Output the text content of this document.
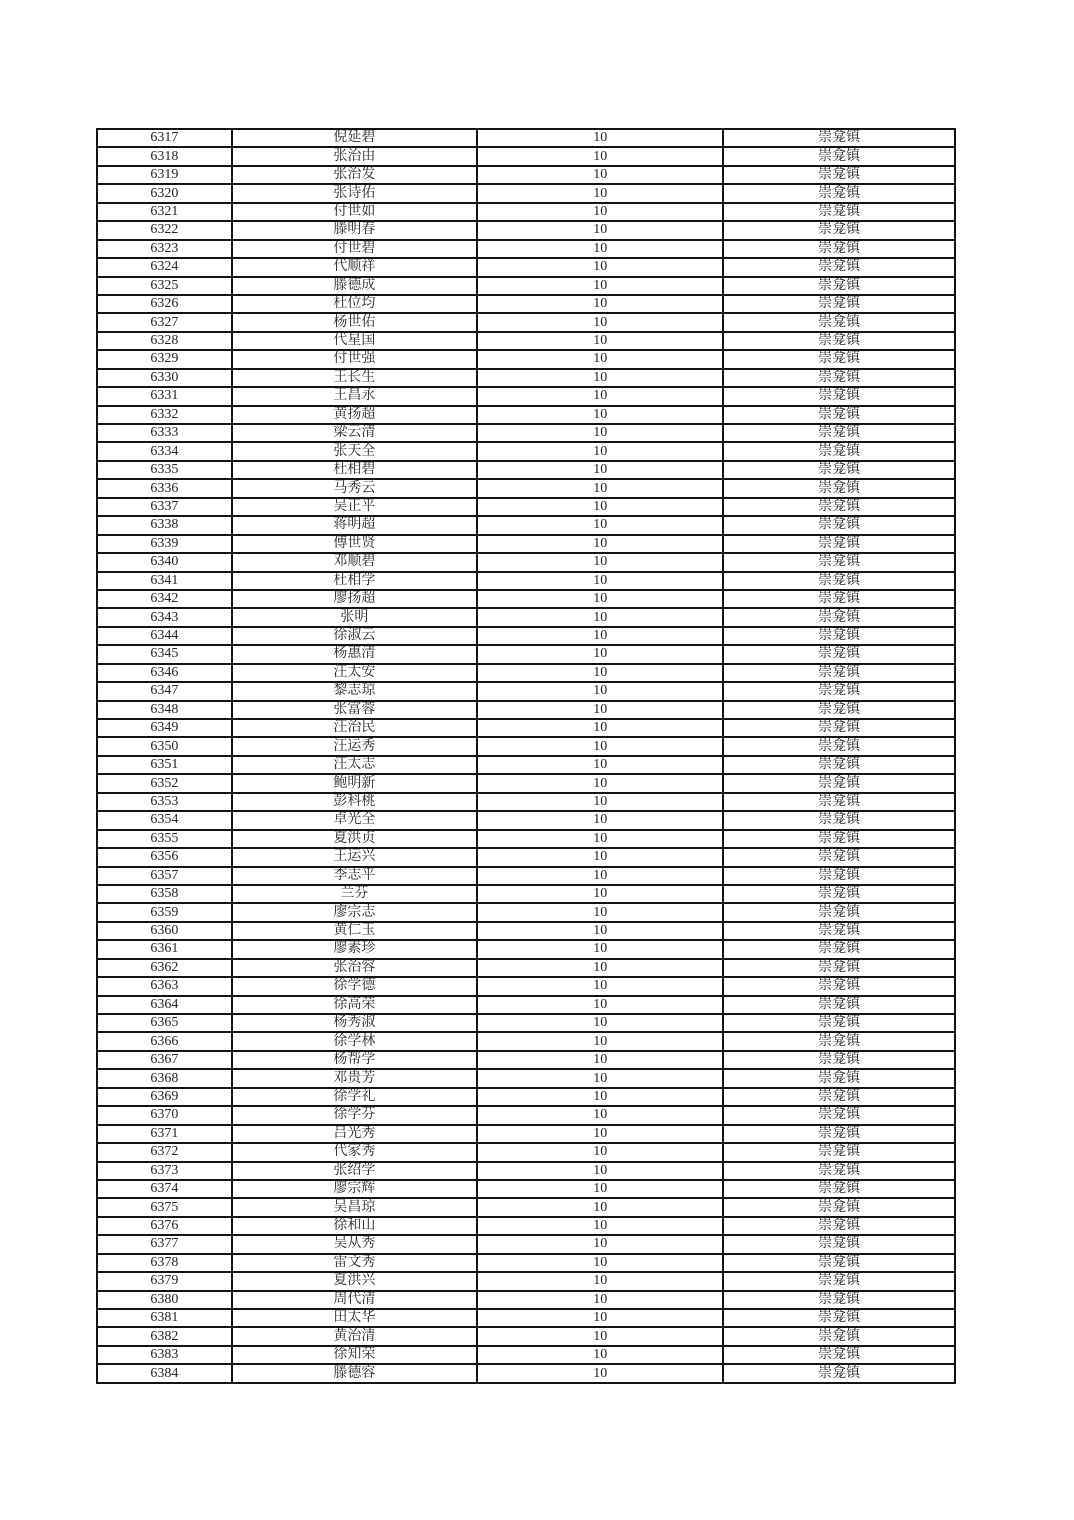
6317	倪延碧	10	崇龛镇
6318	张治由	10	崇龛镇
6319	张治发	10	崇龛镇
6320	张诗佑	10	崇龛镇
6321	付世如	10	崇龛镇
6322	滕明春	10	崇龛镇
6323	付世碧	10	崇龛镇
6324	代顺祥	10	崇龛镇
6325	滕德成	10	崇龛镇
6326	杜位均	10	崇龛镇
6327	杨世佑	10	崇龛镇
6328	代星国	10	崇龛镇
6329	付世强	10	崇龛镇
6330	王长生	10	崇龛镇
6331	王昌永	10	崇龛镇
6332	黄扬超	10	崇龛镇
6333	梁云清	10	崇龛镇
6334	张天全	10	崇龛镇
6335	杜相碧	10	崇龛镇
6336	马秀云	10	崇龛镇
6337	吴正平	10	崇龛镇
6338	蒋明超	10	崇龛镇
6339	傅世贤	10	崇龛镇
6340	邓顺碧	10	崇龛镇
6341	杜相学	10	崇龛镇
6342	廖扬超	10	崇龛镇
6343	张明	10	崇龛镇
6344	徐淑云	10	崇龛镇
6345	杨惠清	10	崇龛镇
6346	汪太安	10	崇龛镇
6347	黎志琼	10	崇龛镇
6348	张富蓉	10	崇龛镇
6349	汪治民	10	崇龛镇
6350	汪运秀	10	崇龛镇
6351	汪太志	10	崇龛镇
6352	鲍明新	10	崇龛镇
6353	彭科桃	10	崇龛镇
6354	卓光全	10	崇龛镇
6355	夏洪贞	10	崇龛镇
6356	王运兴	10	崇龛镇
6357	李志平	10	崇龛镇
6358	兰芬	10	崇龛镇
6359	廖宗志	10	崇龛镇
6360	黄仁玉	10	崇龛镇
6361	廖素珍	10	崇龛镇
6362	张治容	10	崇龛镇
6363	徐学德	10	崇龛镇
6364	徐高荣	10	崇龛镇
6365	杨秀淑	10	崇龛镇
6366	徐学林	10	崇龛镇
6367	杨帮学	10	崇龛镇
6368	邓贵芳	10	崇龛镇
6369	徐学礼	10	崇龛镇
6370	徐学芬	10	崇龛镇
6371	吕光秀	10	崇龛镇
6372	代家秀	10	崇龛镇
6373	张绍学	10	崇龛镇
6374	廖宗辉	10	崇龛镇
6375	吴昌琼	10	崇龛镇
6376	徐和山	10	崇龛镇
6377	吴从秀	10	崇龛镇
6378	雷文秀	10	崇龛镇
6379	夏洪兴	10	崇龛镇
6380	周代清	10	崇龛镇
6381	田太华	10	崇龛镇
6382	黄治清	10	崇龛镇
6383	徐知荣	10	崇龛镇
6384	滕德容	10	崇龛镇
